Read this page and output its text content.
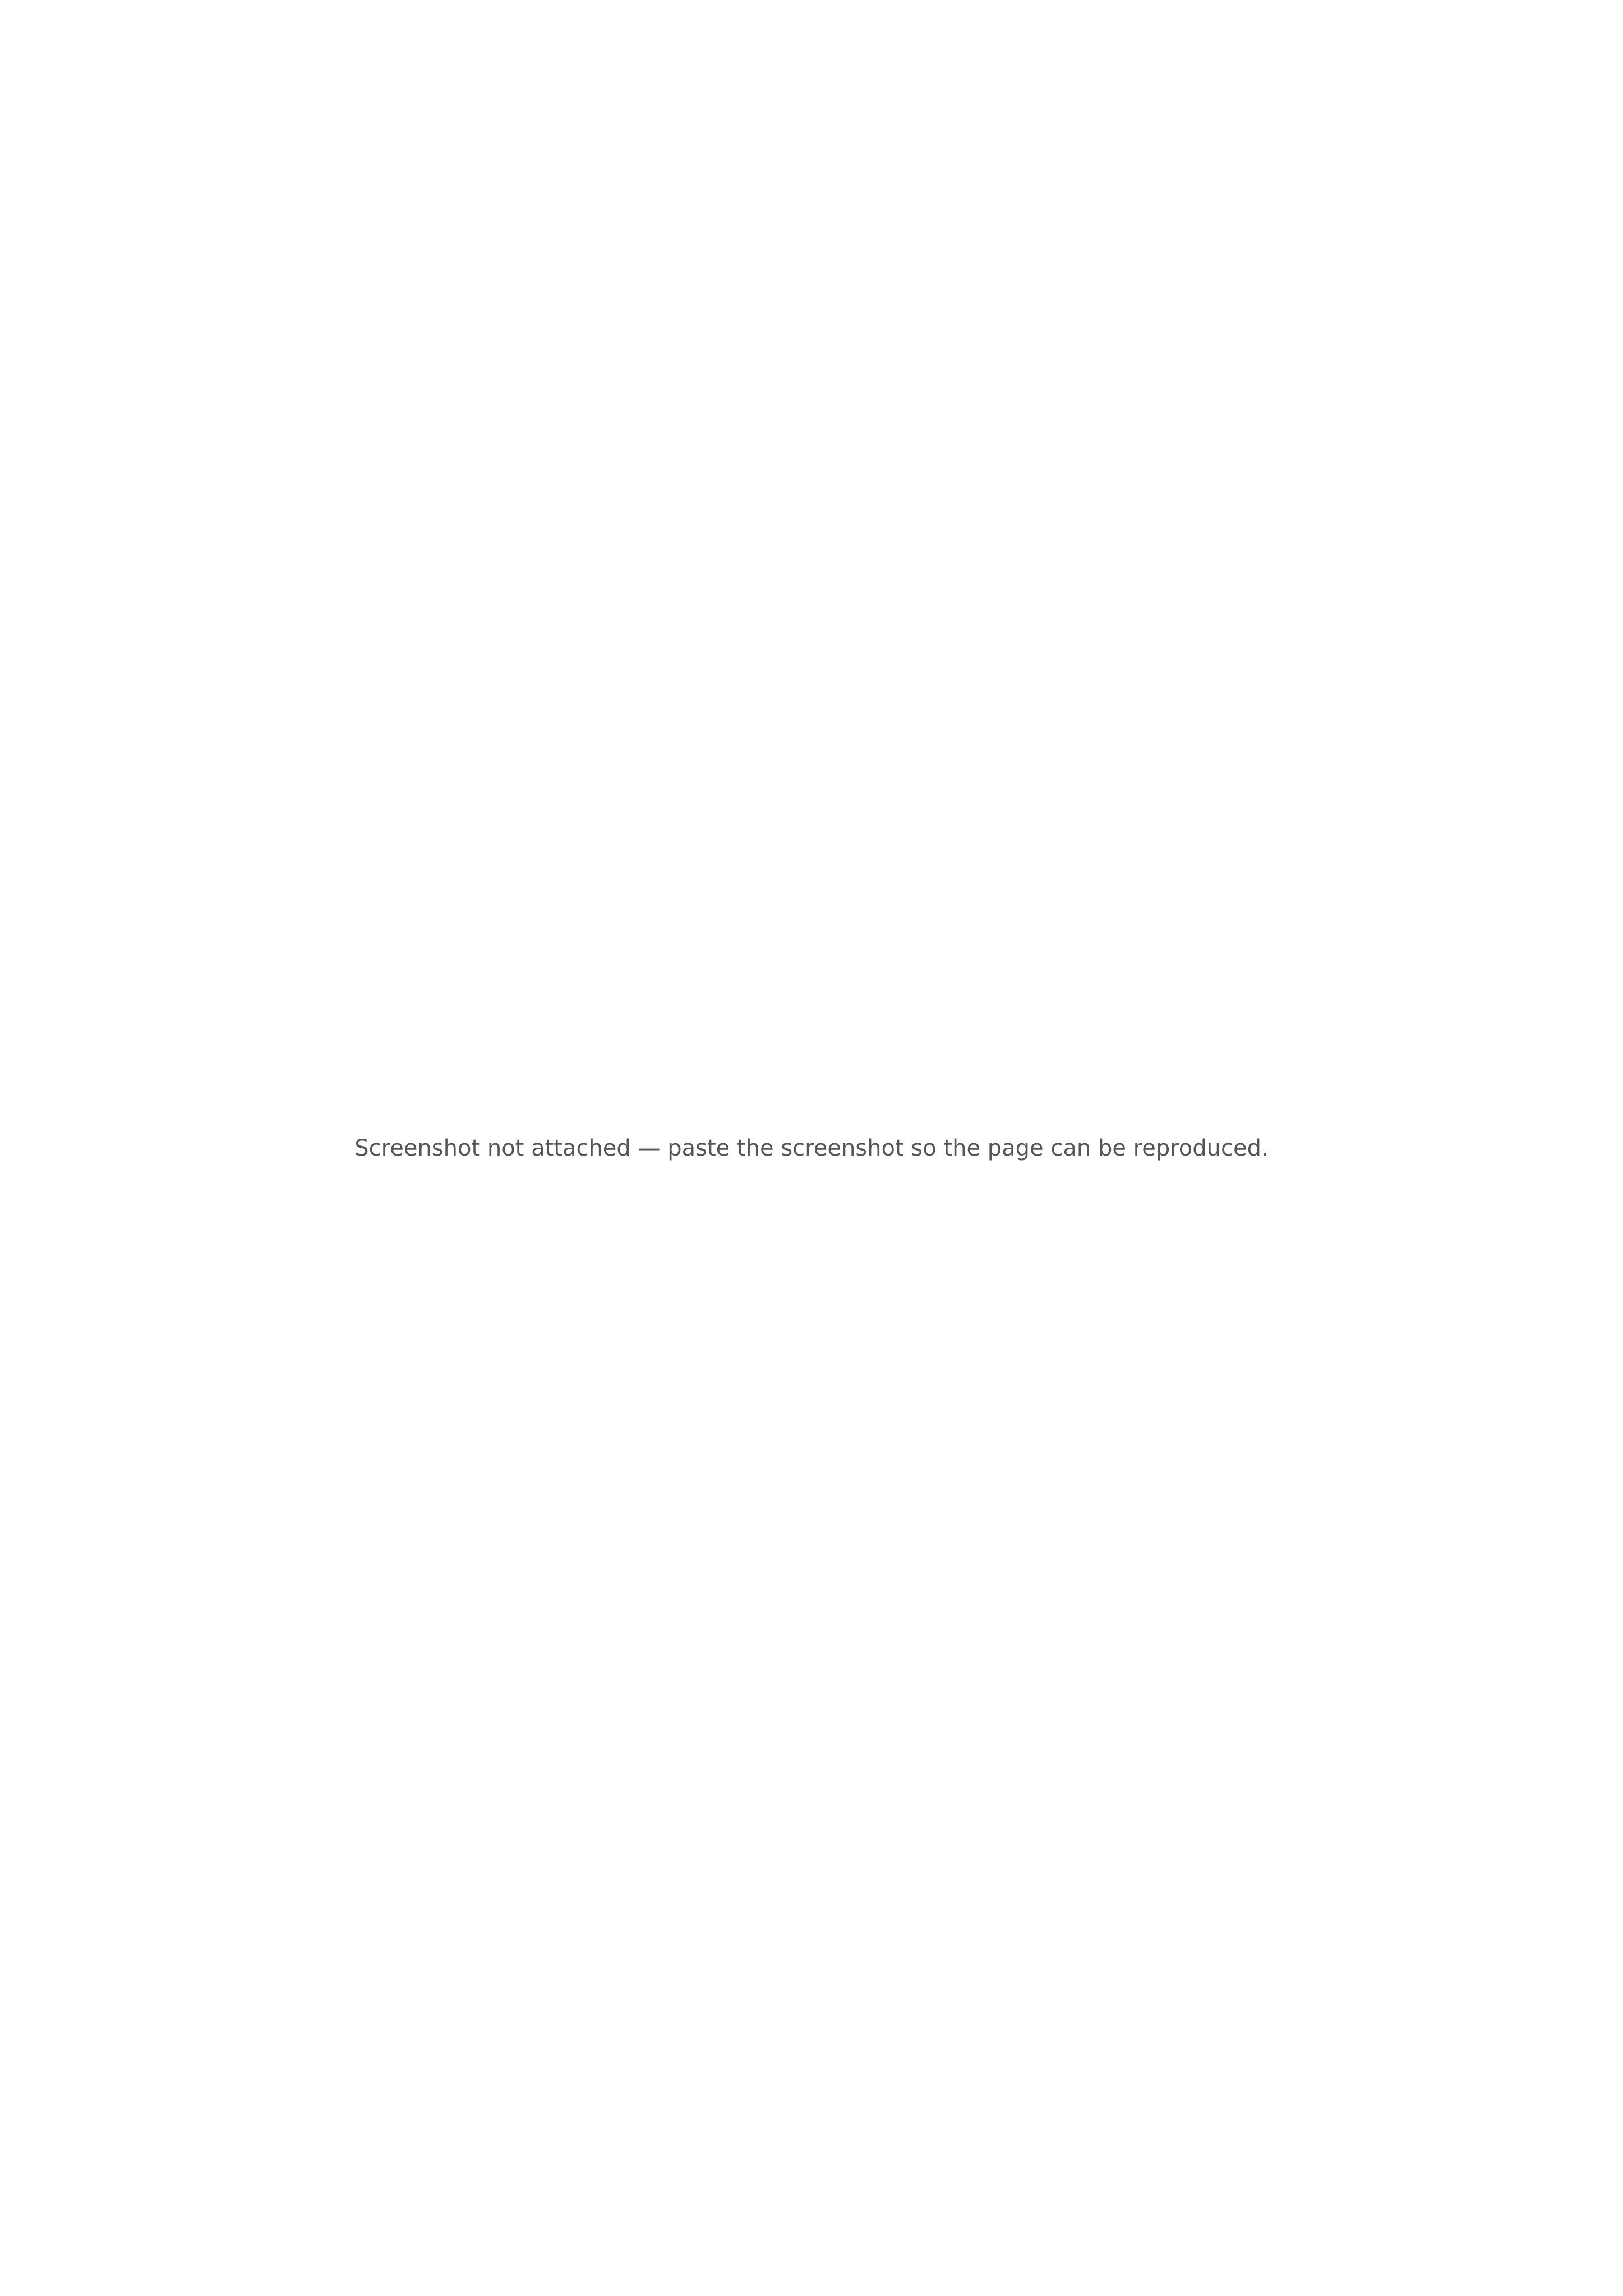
Screenshot not attached — paste the screenshot so the page can be reproduced.
